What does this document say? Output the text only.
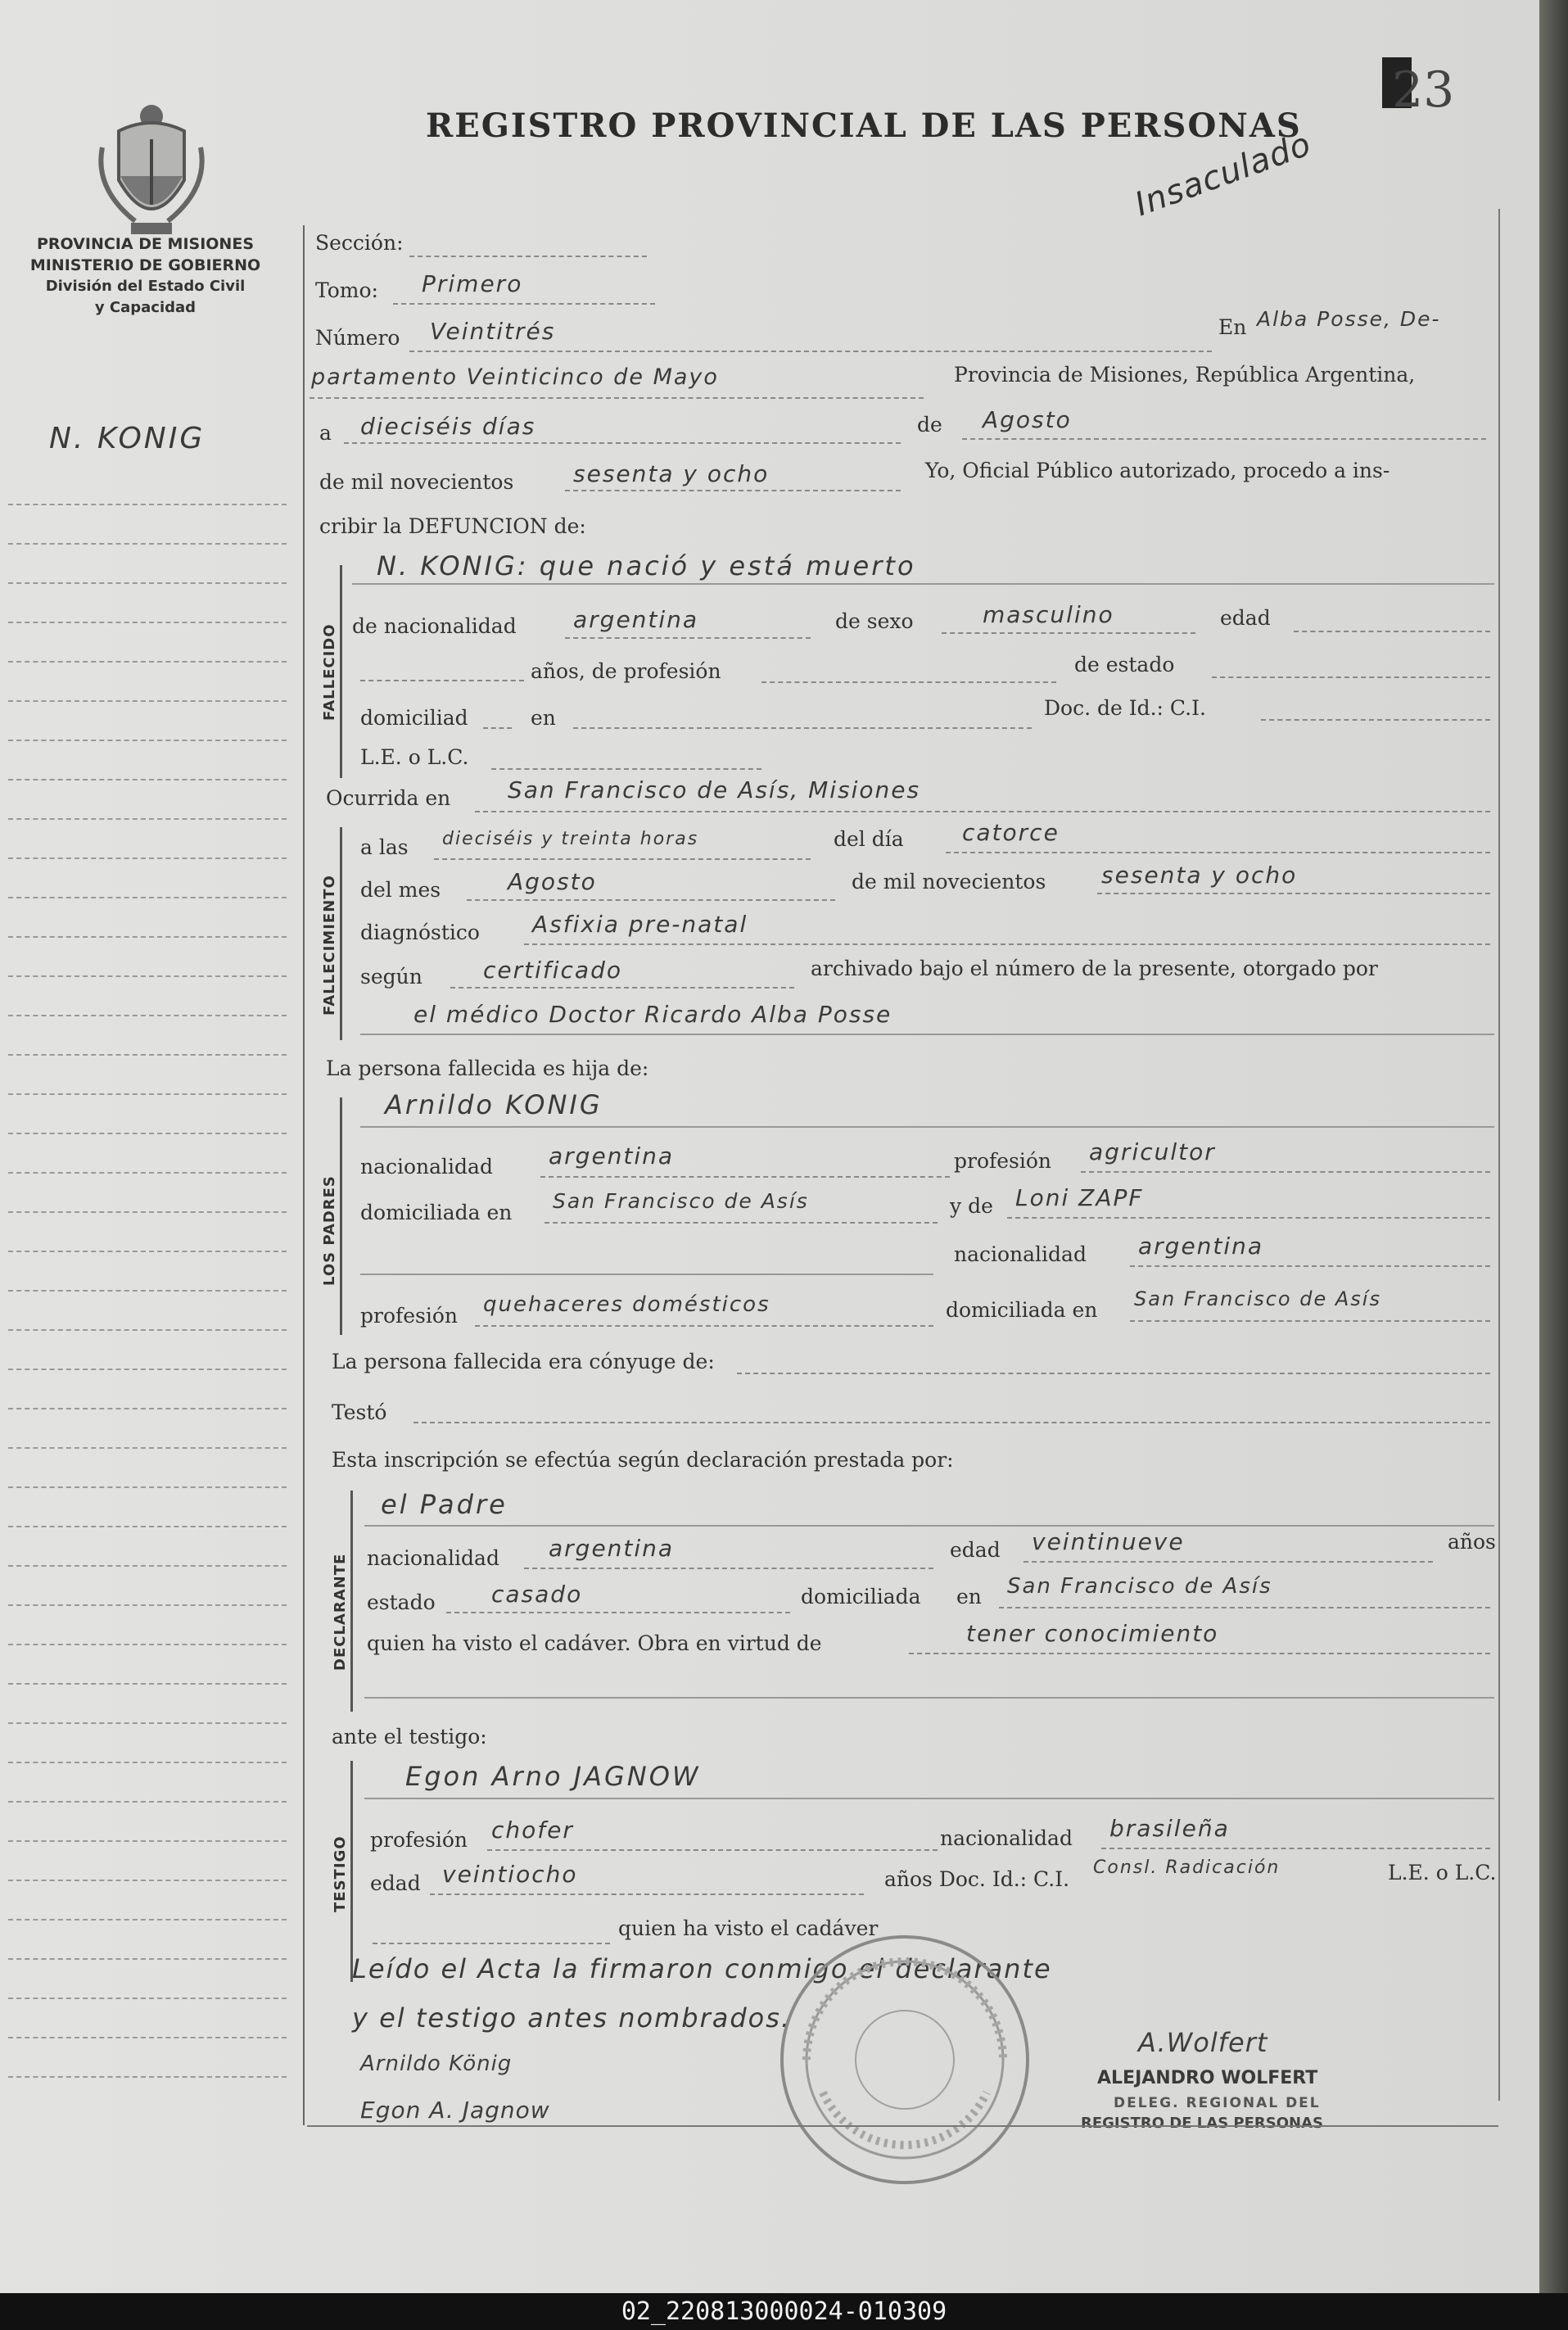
23
REGISTRO PROVINCIAL DE LAS PERSONAS
Insaculado
PROVINCIA DE MISIONES
MINISTERIO DE GOBIERNO
División del Estado Civil
y Capacidad
N. KONIG
Sección:
Tomo: Primero
Número Veintitrés	En Alba Posse, De-
partamento Veinticinco de Mayo	Provincia de Misiones, República Argentina,
a dieciséis días	de Agosto
de mil novecientos	sesenta y ocho	Yo, Oficial Público autorizado, procedo a ins-
cribir la DEFUNCION de:
FALLECIDO
N. KONIG: que nació y está muerto
de nacionalidad argentina	de sexo	masculino	edad
años, de profesión	de estado
domiciliad	en	Doc. de Id.: C.I.
L.E. o L.C.
Ocurrida en San Francisco de Asís, Misiones
FALLECIMIENTO
a las dieciséis y treinta horas	del día	catorce
del mes	Agosto	de mil novecientos sesenta y ocho
diagnóstico Asfixia pre-natal
según	certificado	archivado bajo el número de la presente, otorgado por
el médico Doctor Ricardo Alba Posse
La persona fallecida es hija de:
LOS PADRES
Arnildo KONIG
nacionalidad argentina	profesión agricultor
domiciliada en San Francisco de Asís	y de Loni ZAPF
nacionalidad argentina
profesión quehaceres domésticos	domiciliada en San Francisco de Asís
La persona fallecida era cónyuge de:
Testó
Esta inscripción se efectúa según declaración prestada por:
DECLARANTE
el Padre
nacionalidad argentina	edad veintinueve	años
estado casado	domiciliada en San Francisco de Asís
quien ha visto el cadáver. Obra en virtud de	tener conocimiento
ante el testigo:
TESTIGO
Egon Arno JAGNOW
profesión chofer	nacionalidad brasileña
edad veintiocho	años Doc. Id.: C.I. Consl. Radicación	L.E. o L.C.
quien ha visto el cadáver
Leído el Acta la firmaron conmigo el declarante
y el testigo antes nombrados.
Arnildo König
Egon A. Jagnow
A.Wolfert
ALEJANDRO WOLFERT
DELEG. REGIONAL DEL
REGISTRO DE LAS PERSONAS
02_220813000024-010309
